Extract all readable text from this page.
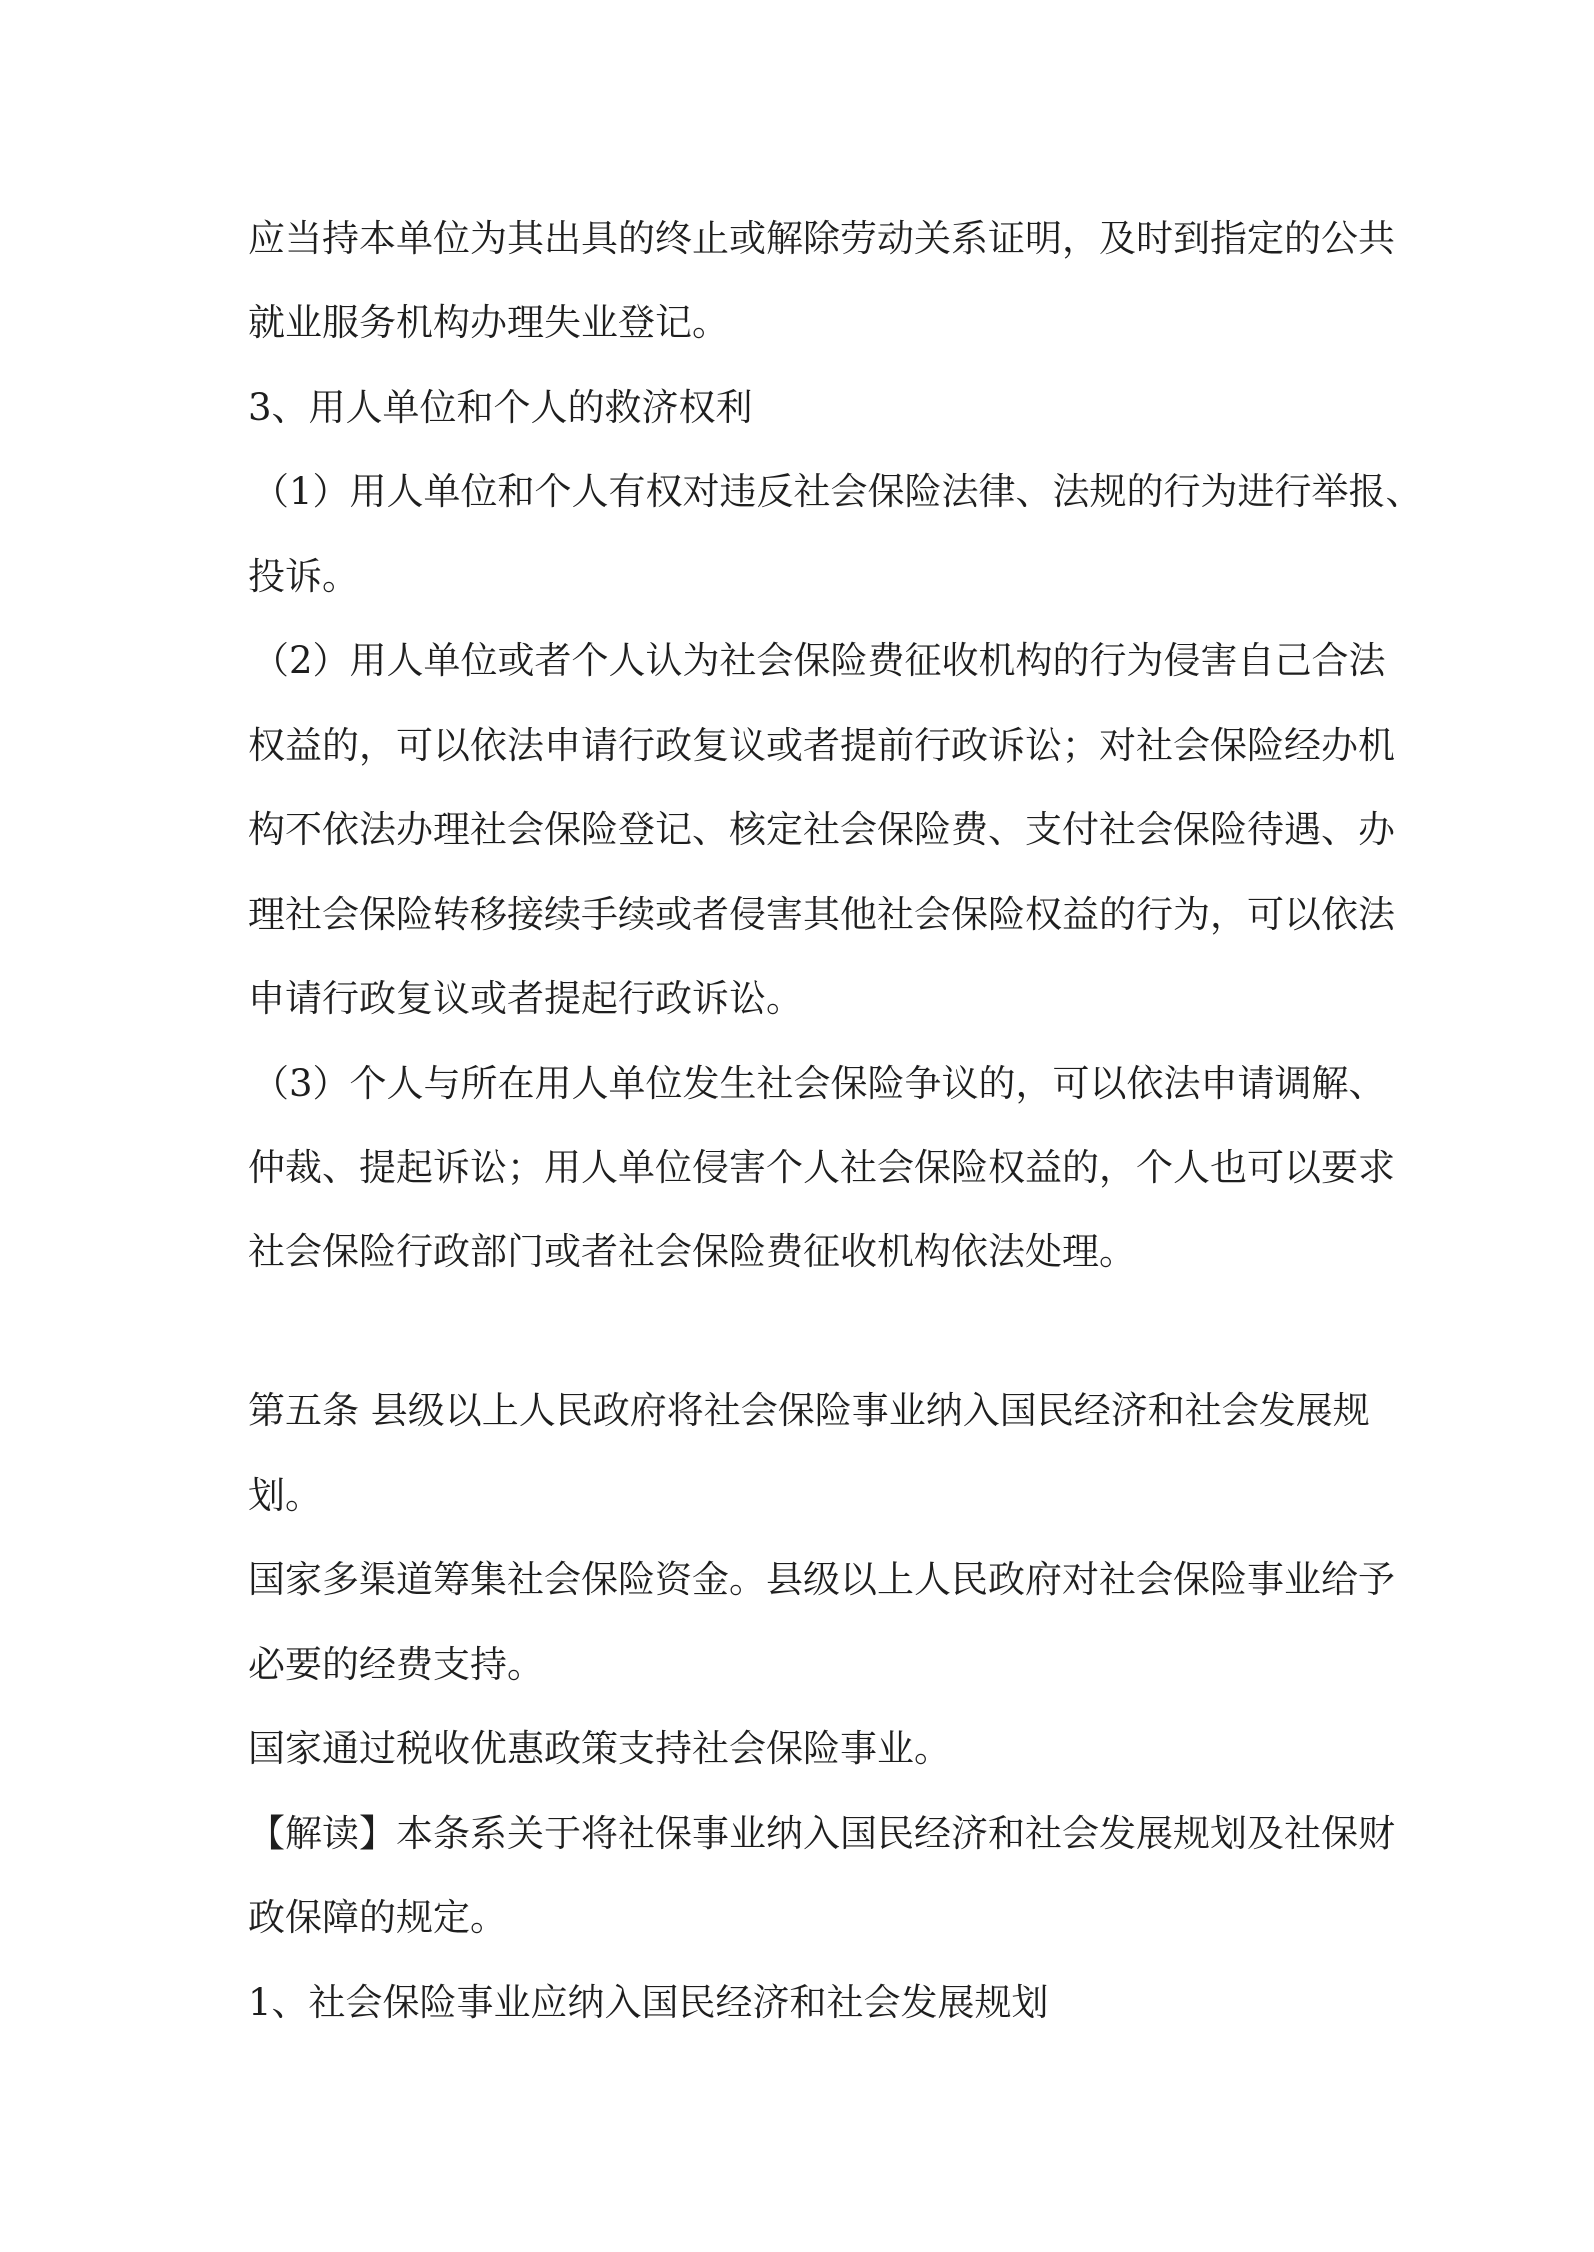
应当持本单位为其出具的终止或解除劳动关系证明，及时到指定的公共

就业服务机构办理失业登记。

3、用人单位和个人的救济权利

（1）用人单位和个人有权对违反社会保险法律、法规的行为进行举报、

投诉。

（2）用人单位或者个人认为社会保险费征收机构的行为侵害自己合法

权益的，可以依法申请行政复议或者提前行政诉讼；对社会保险经办机

构不依法办理社会保险登记、核定社会保险费、支付社会保险待遇、办

理社会保险转移接续手续或者侵害其他社会保险权益的行为，可以依法

申请行政复议或者提起行政诉讼。

（3）个人与所在用人单位发生社会保险争议的，可以依法申请调解、

仲裁、提起诉讼；用人单位侵害个人社会保险权益的，个人也可以要求

社会保险行政部门或者社会保险费征收机构依法处理。

第五条 县级以上人民政府将社会保险事业纳入国民经济和社会发展规

划。

国家多渠道筹集社会保险资金。县级以上人民政府对社会保险事业给予

必要的经费支持。

国家通过税收优惠政策支持社会保险事业。

【解读】本条系关于将社保事业纳入国民经济和社会发展规划及社保财

政保障的规定。

1、社会保险事业应纳入国民经济和社会发展规划
